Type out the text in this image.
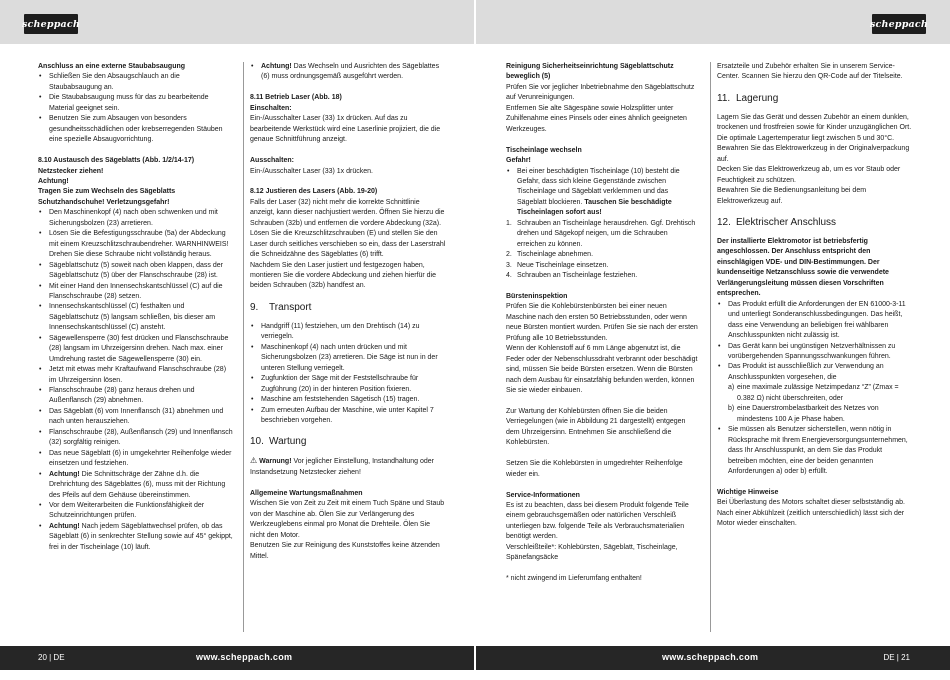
scheppach	scheppach

Anschluss an eine externe Staubabsaugung

• Schließen Sie den Absaugschlauch an die Staubabsaugung an.
• Die Staubabsaugung muss für das zu bearbeitende Material geeignet sein.
• Benutzen Sie zum Absaugen von besonders gesundheitsschädlichen oder krebserregenden Stäuben eine spezielle Absaugvorrichtung.

8.10 Austausch des Sägeblatts (Abb. 1/2/14-17)

Netzstecker ziehen!

Achtung!

Tragen Sie zum Wechseln des Sägeblatts Schutzhandschuhe! Verletzungsgefahr!

• Den Maschinenkopf (4) nach oben schwenken und mit Sicherungsbolzen (23) arretieren.
• Lösen Sie die Befestigungsschraube (5a) der Abdeckung mit einem Kreuzschlitzschraubendreher. WARNHINWEIS! Drehen Sie diese Schraube nicht vollständig heraus.
• Sägeblattschutz (5) soweit nach oben klappen, dass der Sägeblattschutz (5) über der Flanschschraube (28) ist.
• Mit einer Hand den Innensechskantschlüssel (C) auf die Flanschschraube (28) setzen.
• Innensechskantschlüssel (C) festhalten und Sägeblattschutz (5) langsam schließen, bis dieser am Innensechskantschlüssel (C) ansteht.
• Sägewellensperre (30) fest drücken und Flanschschraube (28) langsam im Uhrzeigersinn drehen. Nach max. einer Umdrehung rastet die Sägewellensperre (30) ein.
• Jetzt mit etwas mehr Kraftaufwand Flanschschraube (28) im Uhrzeigersinn lösen.
• Flanschschraube (28) ganz heraus drehen und Außenflansch (29) abnehmen.
• Das Sägeblatt (6) vom Innenflansch (31) abnehmen und nach unten herausziehen.
• Flanschschraube (28), Außenflansch (29) und Innenflansch (32) sorgfältig reinigen.
• Das neue Sägeblatt (6) in umgekehrter Reihenfolge wieder einsetzen und festziehen.
• Achtung! Die Schnittschräge der Zähne d.h. die Drehrichtung des Sägeblattes (6), muss mit der Richtung des Pfeils auf dem Gehäuse übereinstimmen.
• Vor dem Weiterarbeiten die Funktionsfähigkeit der Schutzeinrichtungen prüfen.
• Achtung! Nach jedem Sägeblattwechsel prüfen, ob das Sägeblatt (6) in senkrechter Stellung sowie auf 45° gekippt, frei in der Tischeinlage (10) läuft.
• Achtung! Das Wechseln und Ausrichten des Sägeblattes (6) muss ordnungsgemäß ausgeführt werden.

8.11 Betrieb Laser (Abb. 18)

Einschalten:

Ein-/Ausschalter Laser (33) 1x drücken. Auf das zu bearbeitende Werkstück wird eine Laserlinie projiziert, die die genaue Schnittführung anzeigt.

Ausschalten:

Ein-/Ausschalter Laser (33) 1x drücken.

8.12 Justieren des Lasers (Abb. 19-20)

Falls der Laser (32) nicht mehr die korrekte Schnittlinie anzeigt, kann dieser nachjustiert werden. Öffnen Sie hierzu die Schrauben (32b) und entfernen die vordere Abdeckung (32a). Lösen Sie die Kreuzschlitzschrauben (E) und stellen Sie den Laser durch seitliches verschieben so ein, dass der Laserstrahl die Schneidzähne des Sägeblattes (6) trifft.

Nachdem Sie den Laser justiert und festgezogen haben, montieren Sie die vordere Abdeckung und ziehen hierfür die beiden Schrauben (32b) handfest an.

9. Transport
• Handgriff (11) festziehen, um den Drehtisch (14) zu verriegeln.
• Maschinenkopf (4) nach unten drücken und mit Sicherungsbolzen (23) arretieren. Die Säge ist nun in der unteren Stellung verriegelt.
• Zugfunktion der Säge mit der Feststellschraube für Zugführung (20) in der hinteren Position fixieren.
• Maschine am feststehenden Sägetisch (15) tragen.
• Zum erneuten Aufbau der Maschine, wie unter Kapitel 7 beschrieben vorgehen.
10. Wartung

⚠ Warnung! Vor jeglicher Einstellung, Instandhaltung oder Instandsetzung Netzstecker ziehen!

Allgemeine Wartungsmaßnahmen

Wischen Sie von Zeit zu Zeit mit einem Tuch Späne und Staub von der Maschine ab. Ölen Sie zur Verlängerung des Werkzeuglebens einmal pro Monat die Drehteile. Ölen Sie nicht den Motor.

Benutzen Sie zur Reinigung des Kunststoffes keine ätzenden Mittel.

Reinigung Sicherheitseinrichtung Sägeblattschutz beweglich (5)

Prüfen Sie vor jeglicher Inbetriebnahme den Sägeblattschutz auf Verunreinigungen.

Entfernen Sie alte Sägespäne sowie Holzsplitter unter Zuhilfenahme eines Pinsels oder eines ähnlich geeigneten Werkzeuges.

Tischeinlage wechseln

Gefahr!

• Bei einer beschädigten Tischeinlage (10) besteht die Gefahr, dass sich kleine Gegenstände zwischen Tischeinlage und Sägeblatt verklemmen und das Sägeblatt blockieren. Tauschen Sie beschädigte Tischeinlagen sofort aus!
1. Schrauben an Tischeinlage herausdrehen. Ggf. Drehtisch drehen und Sägekopf neigen, um die Schrauben erreichen zu können.
2. Tischeinlage abnehmen.
3. Neue Tischeinlage einsetzen.
4. Schrauben an Tischeinlage festziehen.

Bürsteninspektion

Prüfen Sie die Kohlebürstenbürsten bei einer neuen Maschine nach den ersten 50 Betriebsstunden, oder wenn neue Bürsten montiert wurden. Prüfen Sie sie nach der ersten Prüfung alle 10 Betriebsstunden.

Wenn der Kohlenstoff auf 6 mm Länge abgenutzt ist, die Feder oder der Nebenschlussdraht verbrannt oder beschädigt sind, müssen Sie beide Bürsten ersetzen. Wenn die Bürsten nach dem Ausbau für einsatzfähig befunden werden, können Sie sie wieder einbauen.

Zur Wartung der Kohlebürsten öffnen Sie die beiden Verriegelungen (wie in Abbildung 21 dargestellt) entgegen dem Uhrzeigersinn. Entnehmen Sie anschließend die Kohlebürsten.

Setzen Sie die Kohlebürsten in umgedrehter Reihenfolge wieder ein.

Service-Informationen

Es ist zu beachten, dass bei diesem Produkt folgende Teile einem gebrauchsgemäßen oder natürlichen Verschleiß unterliegen bzw. folgende Teile als Verbrauchsmaterialien benötigt werden.

Verschleißteile*: Kohlebürsten, Sägeblatt, Tischeinlage, Spänefangsäcke

* nicht zwingend im Lieferumfang enthalten!

Ersatzteile und Zubehör erhalten Sie in unserem Service-Center. Scannen Sie hierzu den QR-Code auf der Titelseite.

11. Lagerung

Lagern Sie das Gerät und dessen Zubehör an einem dunklen, trockenen und frostfreien sowie für Kinder unzugänglichen Ort. Die optimale Lagertemperatur liegt zwischen 5 und 30°C.

Bewahren Sie das Elektrowerkzeug in der Originalverpackung auf.

Decken Sie das Elektrowerkzeug ab, um es vor Staub oder Feuchtigkeit zu schützen.

Bewahren Sie die Bedienungsanleitung bei dem Elektrowerkzeug auf.

12. Elektrischer Anschluss

Der installierte Elektromotor ist betriebsfertig angeschlossen. Der Anschluss entspricht den einschlägigen VDE- und DIN-Bestimmungen. Der kundenseitige Netzanschluss sowie die verwendete Verlängerungsleitung müssen diesen Vorschriften entsprechen.

• Das Produkt erfüllt die Anforderungen der EN 61000-3-11 und unterliegt Sonderanschlussbedingungen. Das heißt, dass eine Verwendung an beliebigen frei wählbaren Anschlusspunkten nicht zulässig ist.
• Das Gerät kann bei ungünstigen Netzverhältnissen zu vorübergehenden Spannungsschwankungen führen.
• Das Produkt ist ausschließlich zur Verwendung an Anschlusspunkten vorgesehen, die
a) eine maximale zulässige Netzimpedanz “Z” (Zmax = 0.382 Ω) nicht überschreiten, oder
b) eine Dauerstrombelastbarkeit des Netzes von mindestens 100 A je Phase haben.
• Sie müssen als Benutzer sicherstellen, wenn nötig in Rücksprache mit Ihrem Energieversorgungsunternehmen, dass Ihr Anschlusspunkt, an dem Sie das Produkt betreiben möchten, eine der beiden genannten Anforderungen a) oder b) erfüllt.

Wichtige Hinweise

Bei Überlastung des Motors schaltet dieser selbstständig ab. Nach einer Abkühlzeit (zeitlich unterschiedlich) lässt sich der Motor wieder einschalten.

20 | DE	www.scheppach.com	www.scheppach.com	DE | 21
